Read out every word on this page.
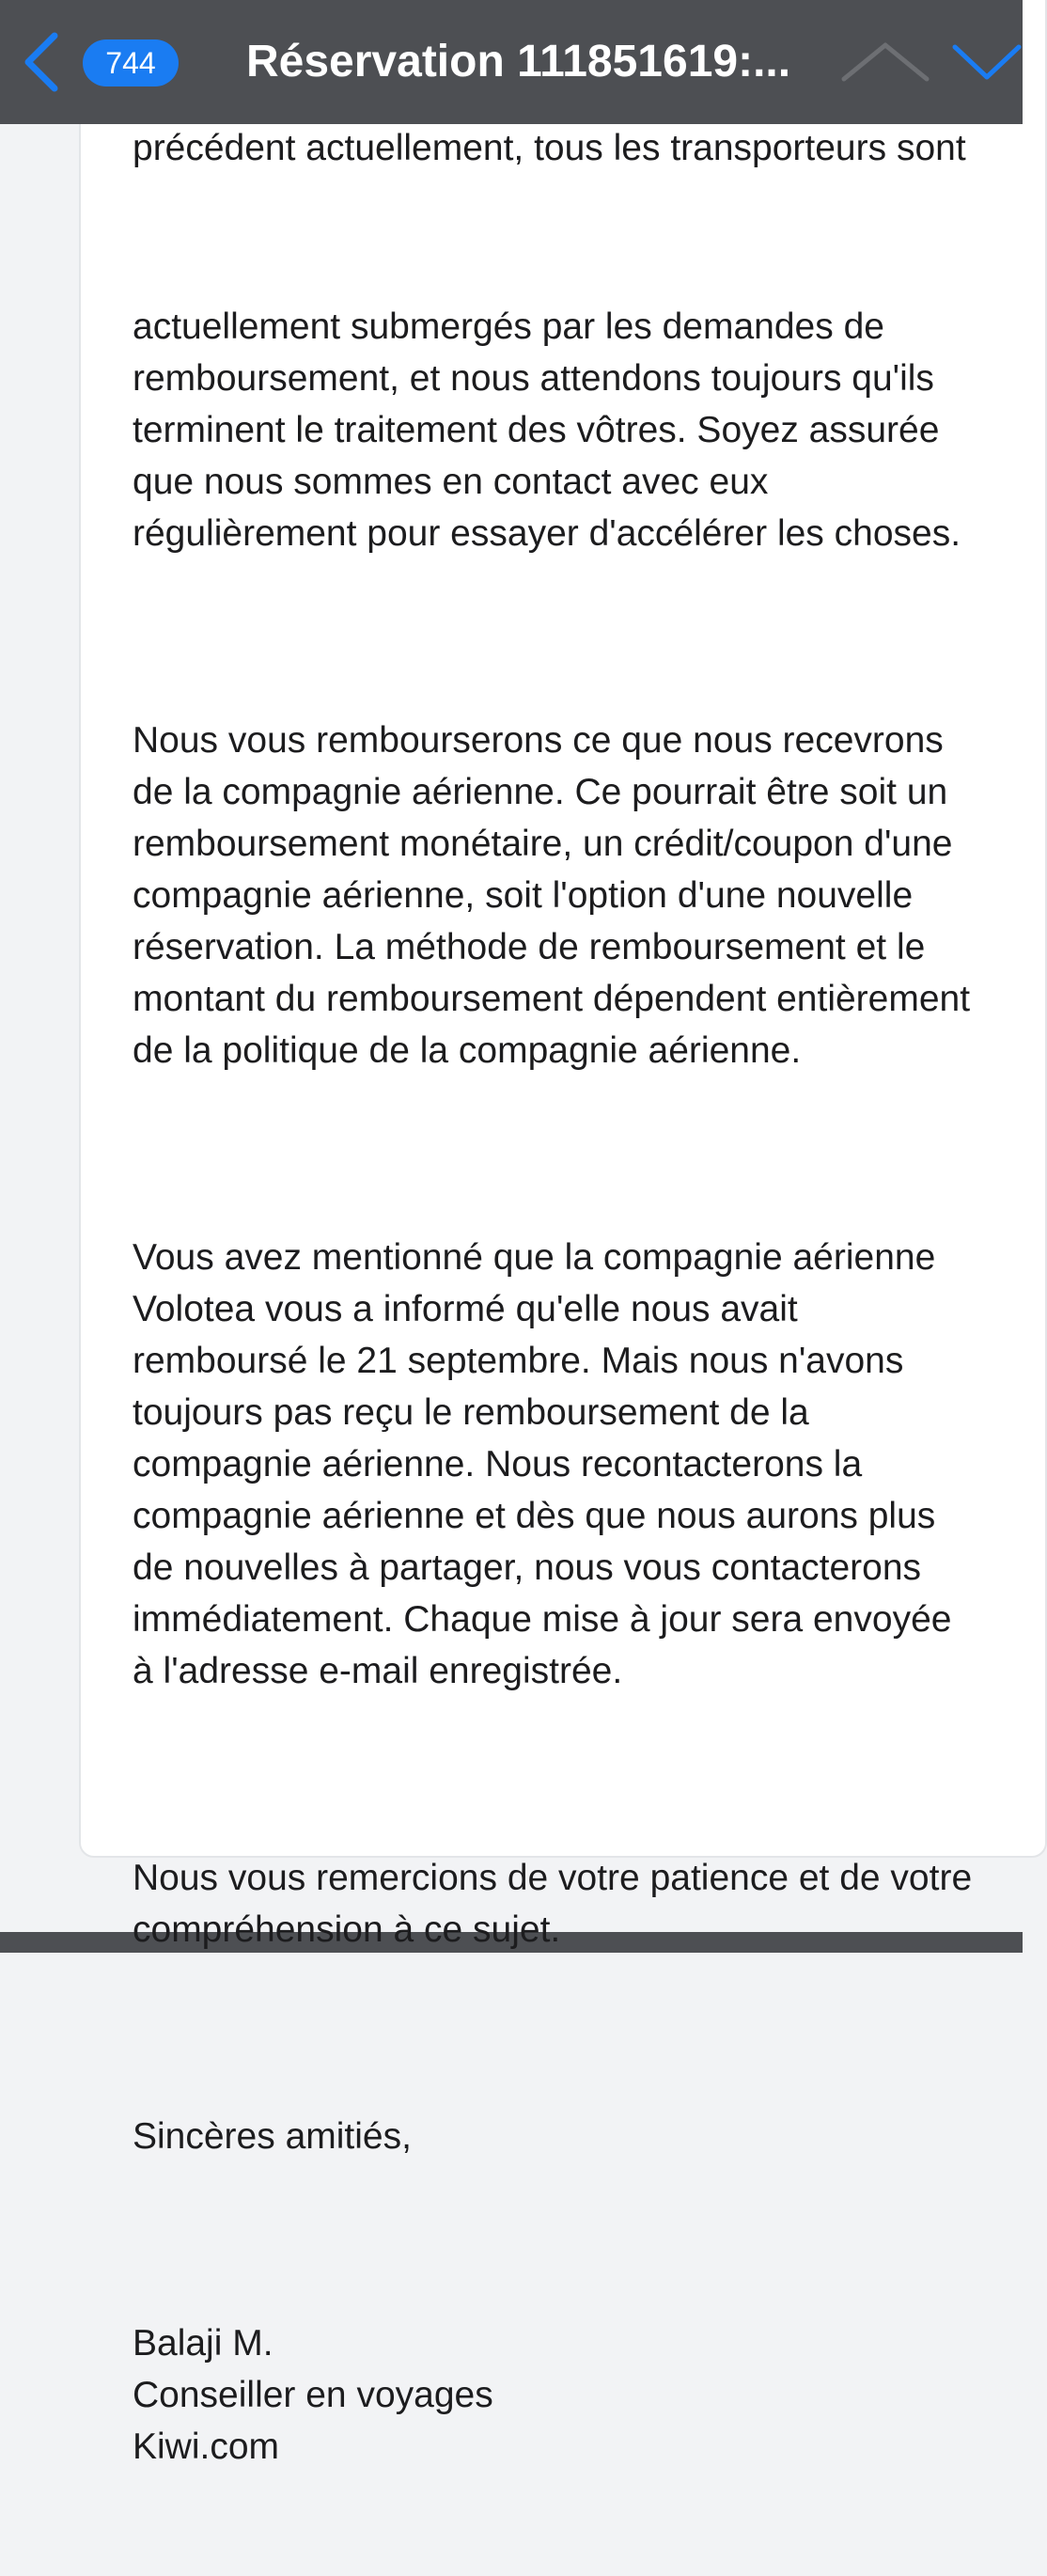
précédent actuellement, tous les transporteurs sont

actuellement submergés par les demandes de
remboursement, et nous attendons toujours qu'ils
terminent le traitement des vôtres. Soyez assurée
que nous sommes en contact avec eux
régulièrement pour essayer d'accélérer les choses.

Nous vous rembourserons ce que nous recevrons
de la compagnie aérienne. Ce pourrait être soit un
remboursement monétaire, un crédit/coupon d'une
compagnie aérienne, soit l'option d'une nouvelle
réservation. La méthode de remboursement et le
montant du remboursement dépendent entièrement
de la politique de la compagnie aérienne.

Vous avez mentionné que la compagnie aérienne
Volotea vous a informé qu'elle nous avait
remboursé le 21 septembre. Mais nous n'avons
toujours pas reçu le remboursement de la
compagnie aérienne. Nous recontacterons la
compagnie aérienne et dès que nous aurons plus
de nouvelles à partager, nous vous contacterons
immédiatement. Chaque mise à jour sera envoyée
à l'adresse e-mail enregistrée.

Nous vous remercions de votre patience et de votre
compréhension à ce sujet.

Sincères amitiés,

Balaji M.
Conseiller en voyages
Kiwi.com

744	Réservation 111851619:...
